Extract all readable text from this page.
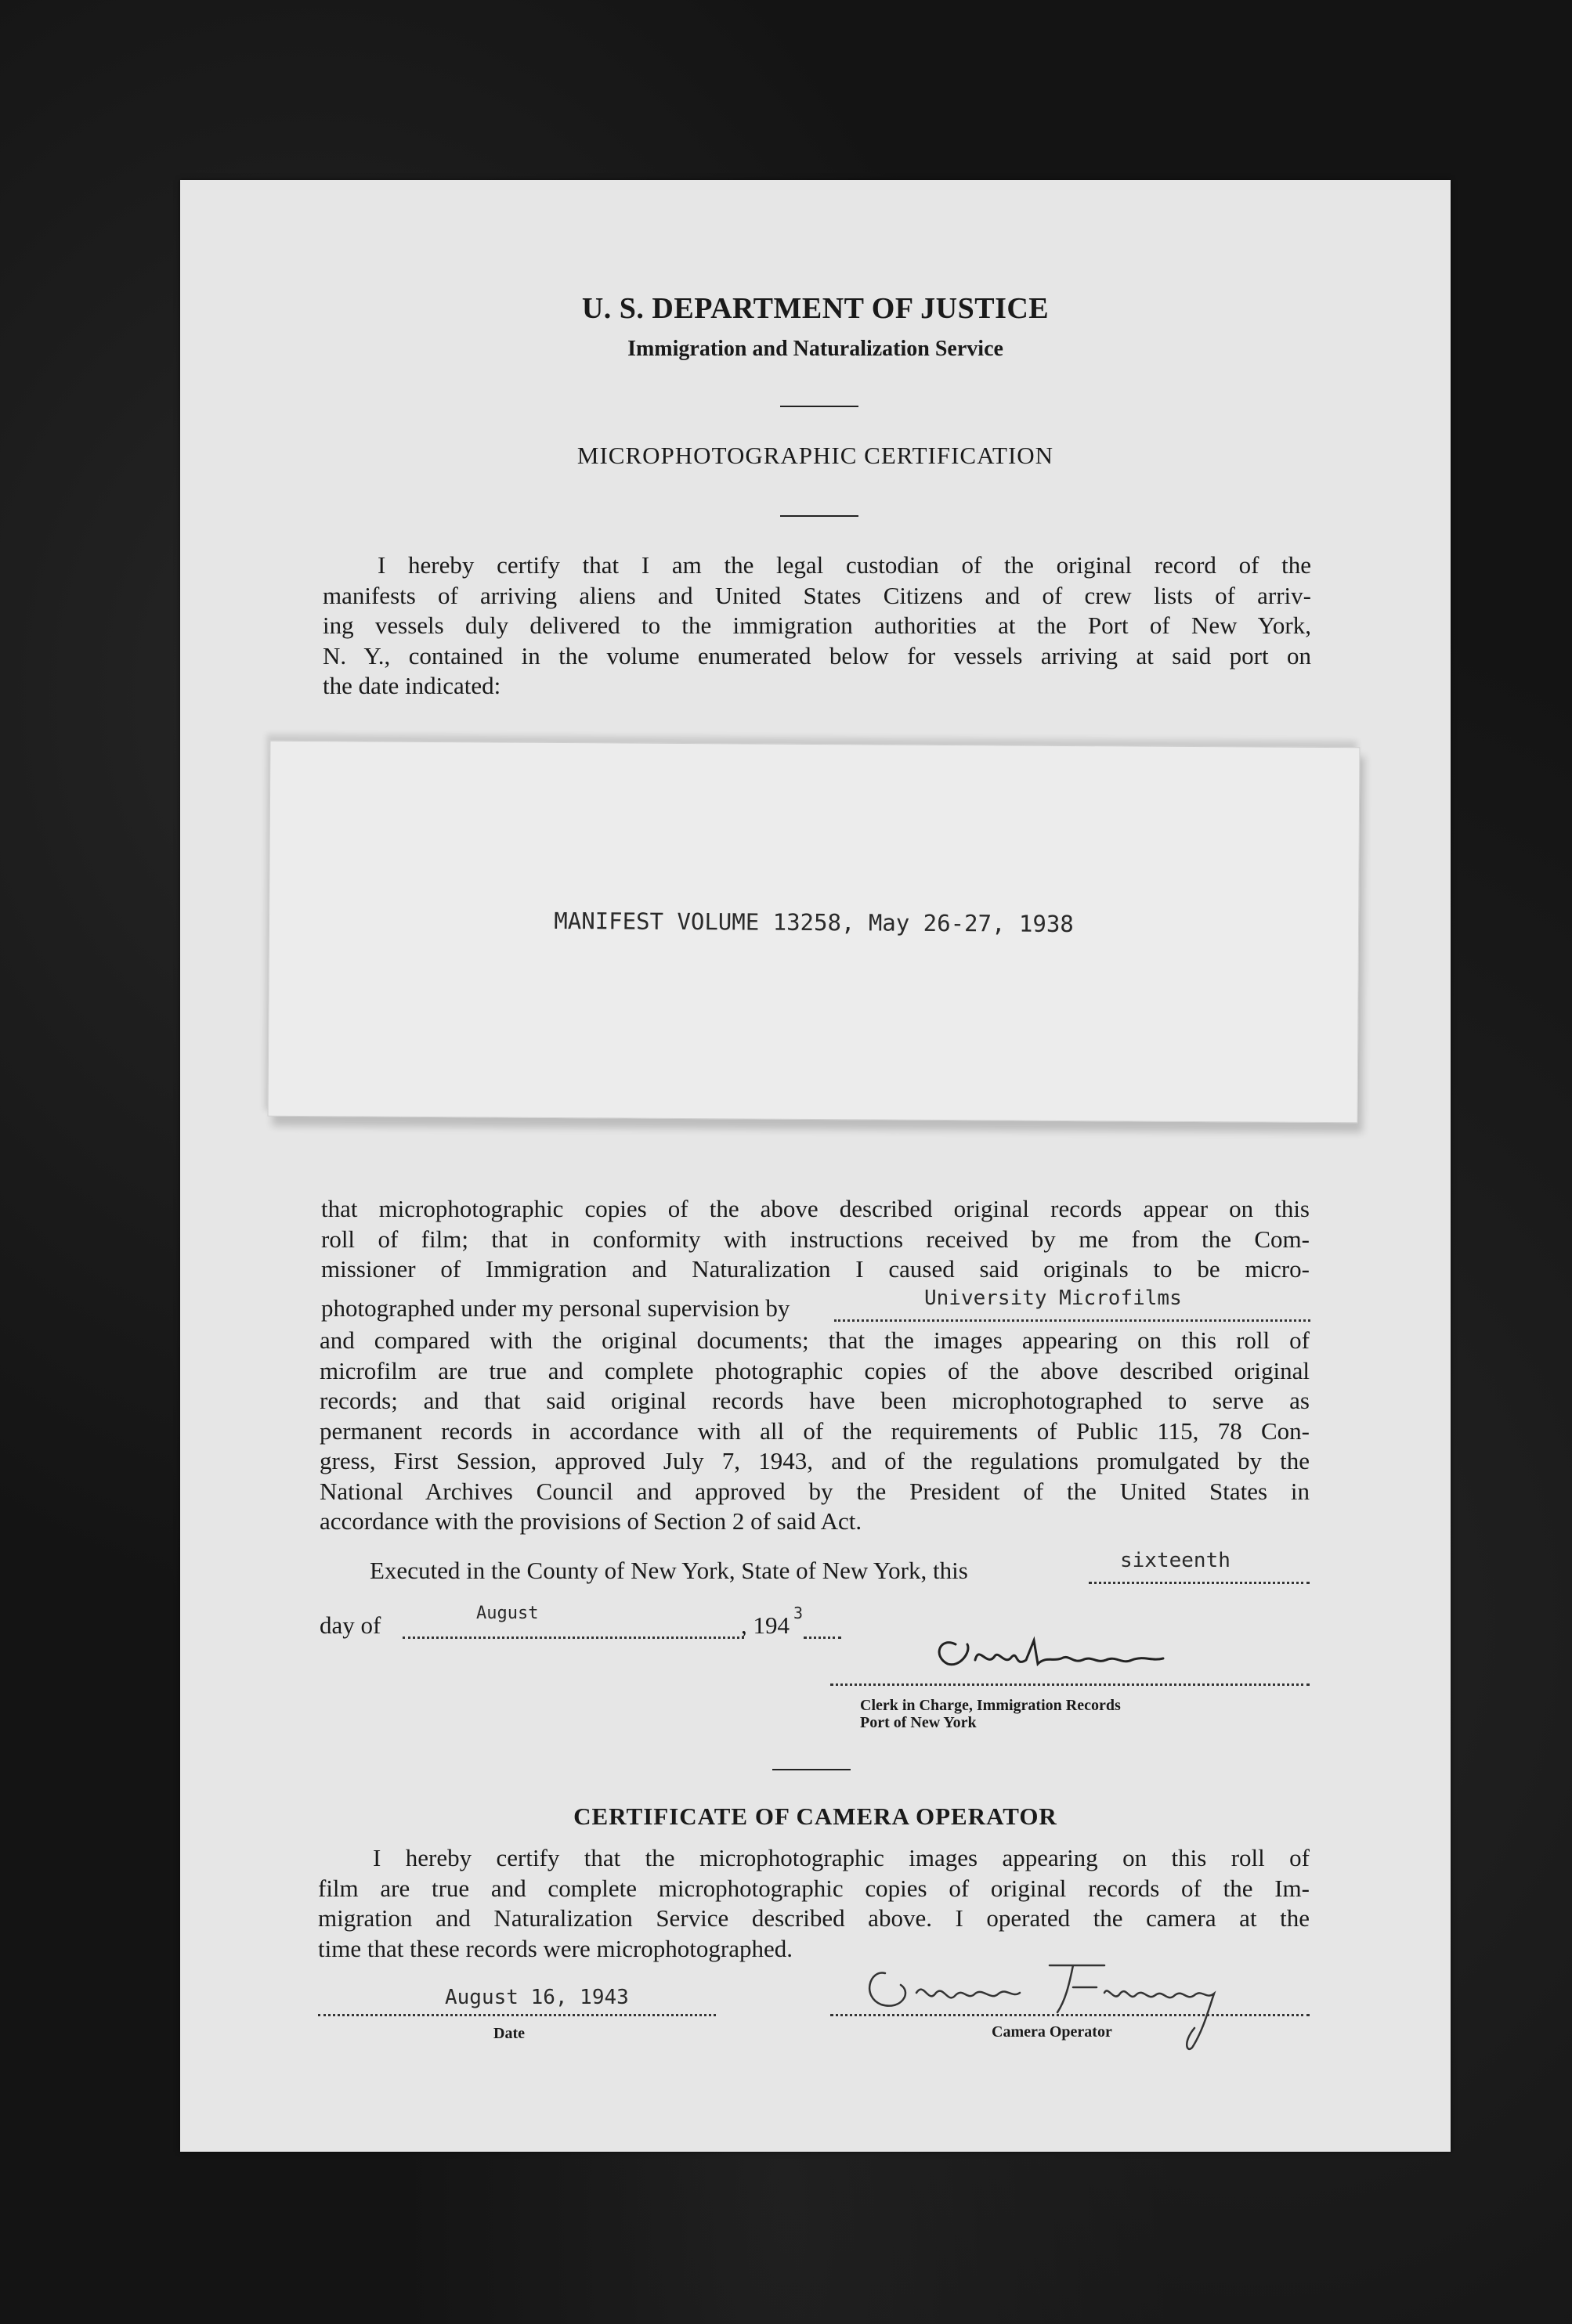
U. S. DEPARTMENT OF JUSTICE
Immigration and Naturalization Service
MICROPHOTOGRAPHIC CERTIFICATION
I hereby certify that I am the legal custodian of the original record of the
manifests of arriving aliens and United States Citizens and of crew lists of arriv-
ing vessels duly delivered to the immigration authorities at the Port of New York,
N. Y., contained in the volume enumerated below for vessels arriving at said port on
the date indicated:
MANIFEST VOLUME 13258, May 26-27, 1938
that microphotographic copies of the above described original records appear on this
roll of film; that in conformity with instructions received by me from the Com-
missioner of Immigration and Naturalization I caused said originals to be micro-
photographed under my personal supervision by	University Microfilms
and compared with the original documents; that the images appearing on this roll of
microfilm are true and complete photographic copies of the above described original
records; and that said original records have been microphotographed to serve as
permanent records in accordance with all of the requirements of Public 115, 78 Con-
gress, First Session, approved July 7, 1943, and of the regulations promulgated by the
National Archives Council and approved by the President of the United States in
accordance with the provisions of Section 2 of said Act.
Executed in the County of New York, State of New York, this	sixteenth
day of	August	, 194 3
Clerk in Charge, Immigration Records
Port of New York
CERTIFICATE OF CAMERA OPERATOR
I hereby certify that the microphotographic images appearing on this roll of
film are true and complete microphotographic copies of original records of the Im-
migration and Naturalization Service described above. I operated the camera at the
time that these records were microphotographed.
August 16, 1943
Date	Camera Operator
